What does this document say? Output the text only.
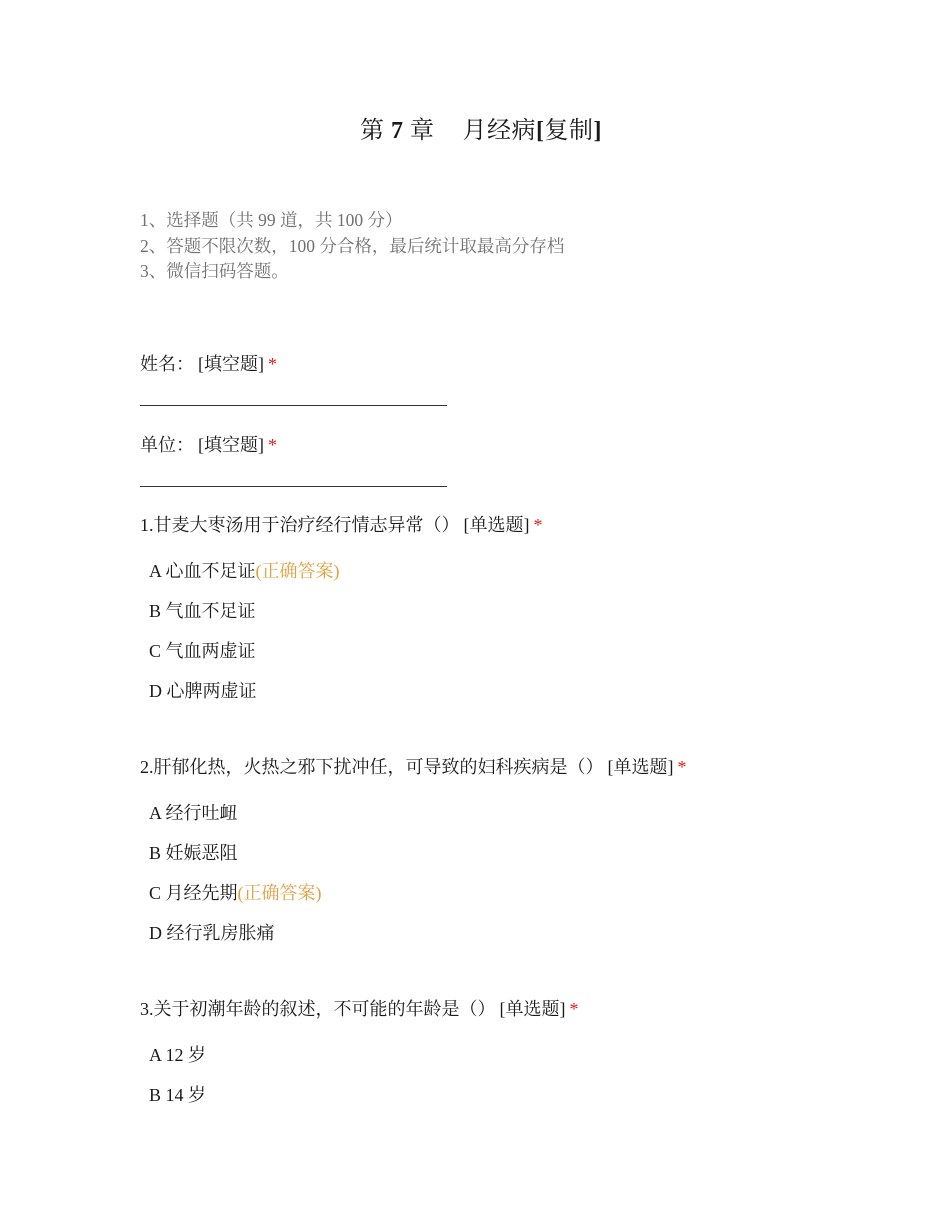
第 7 章 月经病[复制]
1、选择题（共 99 道，共 100 分）
2、答题不限次数，100 分合格，最后统计取最高分存档
3、微信扫码答题。
姓名： [填空题] *
单位： [填空题] *
1.甘麦大枣汤用于治疗经行情志异常（） [单选题] *
A 心血不足证(正确答案)
B 气血不足证
C 气血两虚证
D 心脾两虚证
2.肝郁化热，火热之邪下扰冲任，可导致的妇科疾病是（） [单选题] *
A 经行吐衄
B 妊娠恶阻
C 月经先期(正确答案)
D 经行乳房胀痛
3.关于初潮年龄的叙述，不可能的年龄是（） [单选题] *
A 12 岁
B 14 岁
